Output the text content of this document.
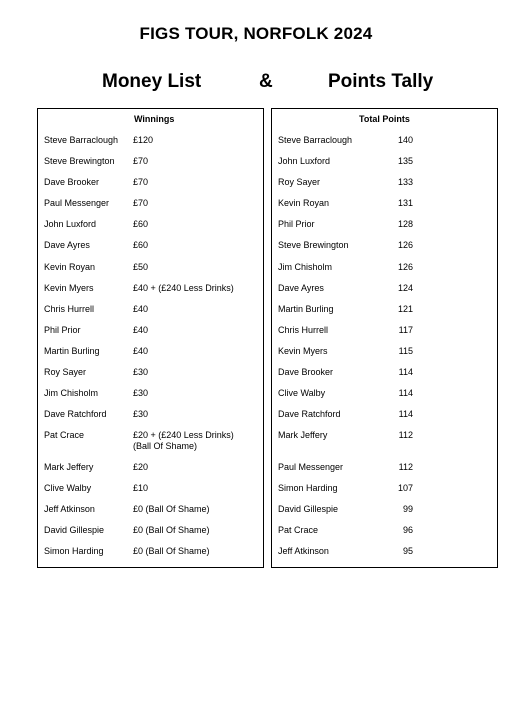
FIGS TOUR, NORFOLK 2024
Money List	&	Points Tally
Winnings
Steve Barraclough £120
Steve Brewington £70
Dave Brooker	£70
Paul Messenger	£70
John Luxford	£60
Dave Ayres	£60
Kevin Royan	£50
Kevin Myers	£40 + (£240 Less Drinks)
Chris Hurrell	£40
Phil Prior	£40
Martin Burling	£40
Roy Sayer	£30
Jim Chisholm	£30
Dave Ratchford	£30
Pat Crace	£20 + (£240 Less Drinks)
(Ball Of Shame)
Mark Jeffery	£20
Clive Walby	£10
Jeff Atkinson	£0 (Ball Of Shame)
David Gillespie	£0 (Ball Of Shame)
Simon Harding	£0 (Ball Of Shame)
Total Points
Steve Barraclough	140
John Luxford	135
Roy Sayer	133
Kevin Royan	131
Phil Prior	128
Steve Brewington	126
Jim Chisholm	126
Dave Ayres	124
Martin Burling	121
Chris Hurrell	117
Kevin Myers	115
Dave Brooker	114
Clive Walby	114
Dave Ratchford	114
Mark Jeffery	112
Paul Messenger	112
Simon Harding	107
David Gillespie	99
Pat Crace	96
Jeff Atkinson	95
